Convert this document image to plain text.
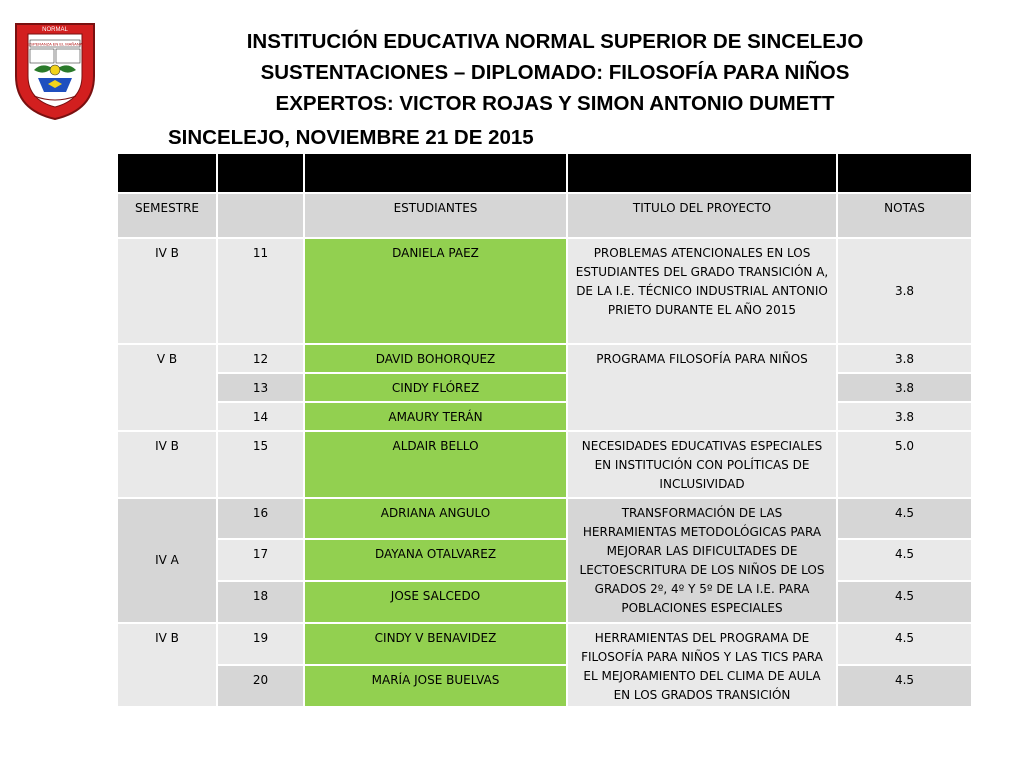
NORMAL
ESPERANZA EN EL MAÑANA	INSTITUCIÓN EDUCATIVA NORMAL SUPERIOR DE SINCELEJO
SUSTENTACIONES – DIPLOMADO: FILOSOFÍA PARA NIÑOS
EXPERTOS: VICTOR ROJAS Y SIMON ANTONIO DUMETT
SINCELEJO, NOVIEMBRE 21 DE 2015

SEMESTRE		ESTUDIANTES	TITULO DEL PROYECTO	NOTAS
IV B	11	DANIELA PAEZ	PROBLEMAS ATENCIONALES EN LOS ESTUDIANTES DEL GRADO TRANSICIÓN A, DE LA I.E. TÉCNICO INDUSTRIAL ANTONIO PRIETO DURANTE EL AÑO 2015	3.8
V B	12	DAVID BOHORQUEZ	PROGRAMA FILOSOFÍA PARA NIÑOS	3.8
	13	CINDY FLÓREZ		3.8
	14	AMAURY TERÁN		3.8
IV B	15	ALDAIR BELLO	NECESIDADES EDUCATIVAS ESPECIALES EN INSTITUCIÓN CON POLÍTICAS DE INCLUSIVIDAD	5.0
IV A	16	ADRIANA ANGULO	TRANSFORMACIÓN DE LAS HERRAMIENTAS METODOLÓGICAS PARA MEJORAR LAS DIFICULTADES DE LECTOESCRITURA DE LOS NIÑOS DE LOS GRADOS 2º, 4º Y 5º DE LA I.E. PARA POBLACIONES ESPECIALES	4.5
	17	DAYANA OTALVAREZ		4.5
	18	JOSE SALCEDO		4.5
IV B	19	CINDY V BENAVIDEZ	HERRAMIENTAS DEL PROGRAMA DE FILOSOFÍA PARA NIÑOS Y LAS TICS PARA EL MEJORAMIENTO DEL CLIMA DE AULA EN LOS GRADOS TRANSICIÓN	4.5
	20	MARÍA JOSE BUELVAS		4.5
